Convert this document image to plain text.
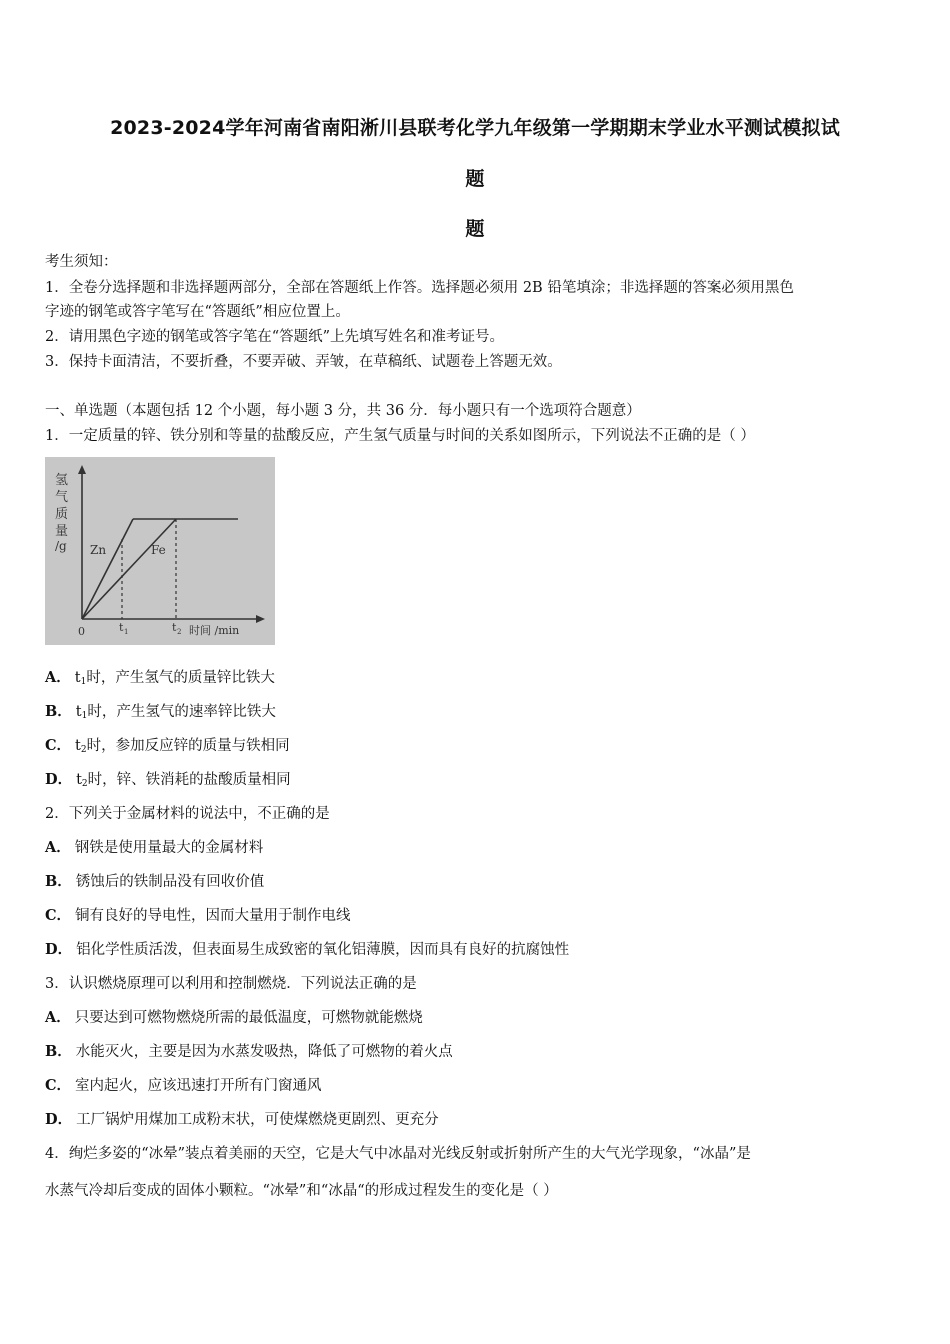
2023-2024学年河南省南阳淅川县联考化学九年级第一学期期末学业水平测试模拟试
题
题
考生须知：
1．全卷分选择题和非选择题两部分，全部在答题纸上作答。选择题必须用 2B 铅笔填涂；非选择题的答案必须用黑色
字迹的钢笔或答字笔写在“答题纸”相应位置上。
2．请用黑色字迹的钢笔或答字笔在“答题纸”上先填写姓名和准考证号。
3．保持卡面清洁，不要折叠，不要弄破、弄皱，在草稿纸、试题卷上答题无效。
一、单选题（本题包括 12 个小题，每小题 3 分，共 36 分．每小题只有一个选项符合题意）
1．一定质量的锌、铁分别和等量的盐酸反应，产生氢气质量与时间的关系如图所示，下列说法不正确的是（ ）
氢
气
质
量
/g Zn	Fe
0	t 1	t 2 时间 /min
A． $t_1$时，产生氢气的质量锌比铁大
B． $t_1$时，产生氢气的速率锌比铁大
C． $t_2$时，参加反应锌的质量与铁相同
D． $t_2$时，锌、铁消耗的盐酸质量相同
2．下列关于金属材料的说法中，不正确的是
A． 钢铁是使用量最大的金属材料
B． 锈蚀后的铁制品没有回收价值
C． 铜有良好的导电性，因而大量用于制作电线
D． 铝化学性质活泼，但表面易生成致密的氧化铝薄膜，因而具有良好的抗腐蚀性
3．认识燃烧原理可以利用和控制燃烧．下列说法正确的是
A． 只要达到可燃物燃烧所需的最低温度，可燃物就能燃烧
B． 水能灭火，主要是因为水蒸发吸热，降低了可燃物的着火点
C． 室内起火，应该迅速打开所有门窗通风
D． 工厂锅炉用煤加工成粉末状，可使煤燃烧更剧烈、更充分
4．绚烂多姿的“冰晕”装点着美丽的天空，它是大气中冰晶对光线反射或折射所产生的大气光学现象，“冰晶”是
水蒸气冷却后变成的固体小颗粒。“冰晕”和“冰晶“的形成过程发生的变化是（ ）
